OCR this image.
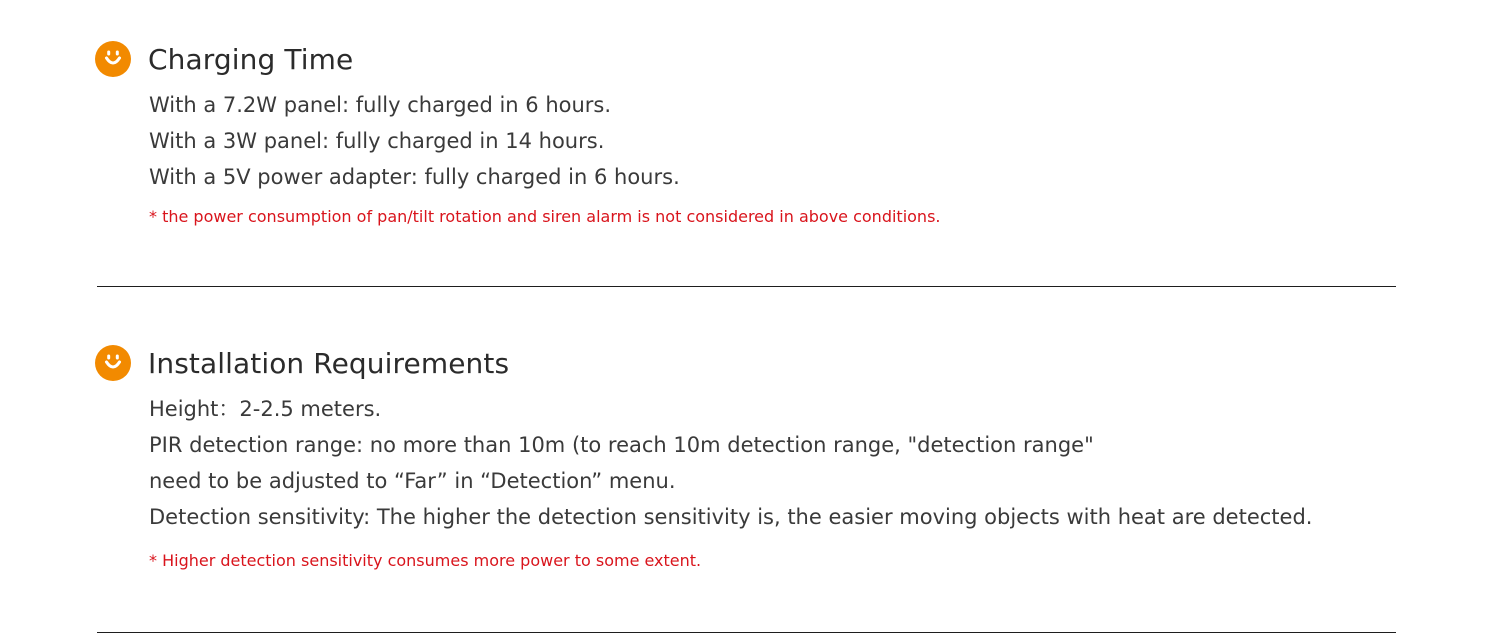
Charging Time
With a 7.2W panel: fully charged in 6 hours.
With a 3W panel: fully charged in 14 hours.
With a 5V power adapter: fully charged in 6 hours.
* the power consumption of pan/tilt rotation and siren alarm is not considered in above conditions.
Installation Requirements
Height：2-2.5 meters.
PIR detection range: no more than 10m (to reach 10m detection range, "detection range"
need to be adjusted to “Far” in “Detection” menu.
Detection sensitivity: The higher the detection sensitivity is, the easier moving objects with heat are detected.
* Higher detection sensitivity consumes more power to some extent.
